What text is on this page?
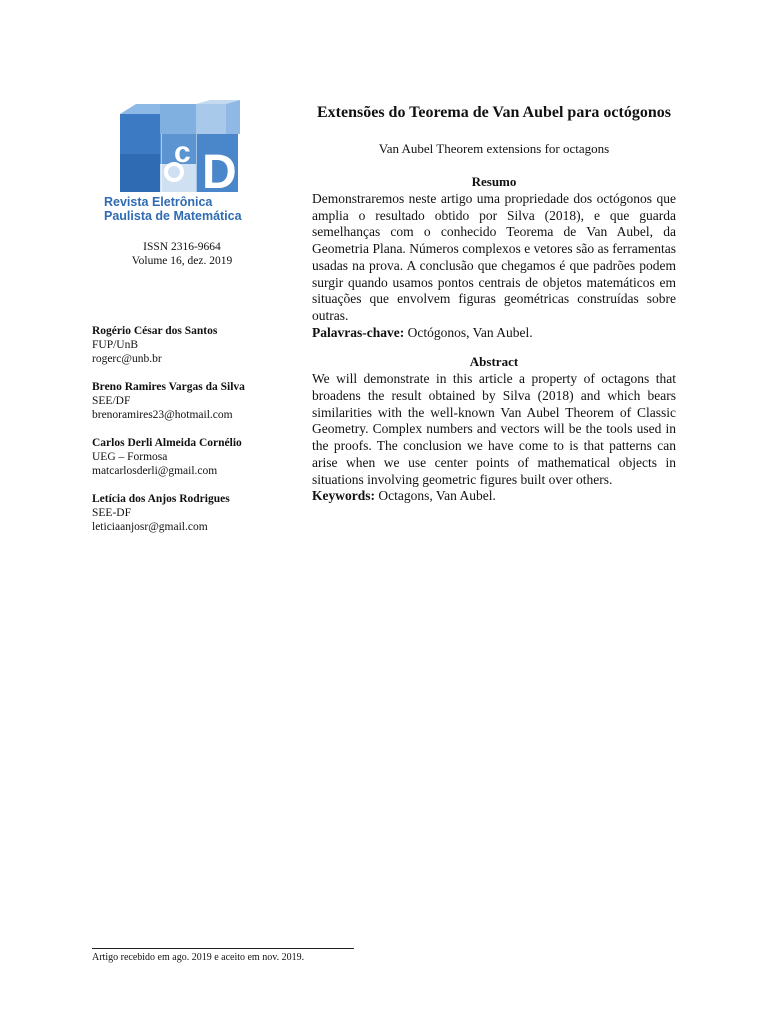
c D
Revista Eletrônica
Paulista de Matemática
ISSN 2316-9664
Volume 16, dez. 2019
Rogério César dos Santos
FUP/UnB
rogerc@unb.br
Breno Ramires Vargas da Silva
SEE/DF
brenoramires23@hotmail.com
Carlos Derli Almeida Cornélio
UEG – Formosa
matcarlosderli@gmail.com
Letícia dos Anjos Rodrigues
SEE-DF
leticiaanjosr@gmail.com
Extensões do Teorema de Van Aubel para octógonos
Van Aubel Theorem extensions for octagons
Resumo
Demonstraremos neste artigo uma propriedade dos octógonos que amplia o resultado obtido por Silva (2018), e que guarda semelhanças com o conhecido Teorema de Van Aubel, da Geometria Plana. Números complexos e vetores são as ferramentas usadas na prova. A conclusão que chegamos é que padrões podem surgir quando usamos pontos centrais de objetos matemáticos em situações que envolvem figuras geométricas construídas sobre outras.
Palavras-chave: Octógonos, Van Aubel.
Abstract
We will demonstrate in this article a property of octagons that broadens the result obtained by Silva (2018) and which bears similarities with the well-known Van Aubel Theorem of Classic Geometry. Complex numbers and vectors will be the tools used in the proofs. The conclusion we have come to is that patterns can arise when we use center points of mathematical objects in situations involving geometric figures built over others.
Keywords: Octagons, Van Aubel.
Artigo recebido em ago. 2019 e aceito em nov. 2019.
